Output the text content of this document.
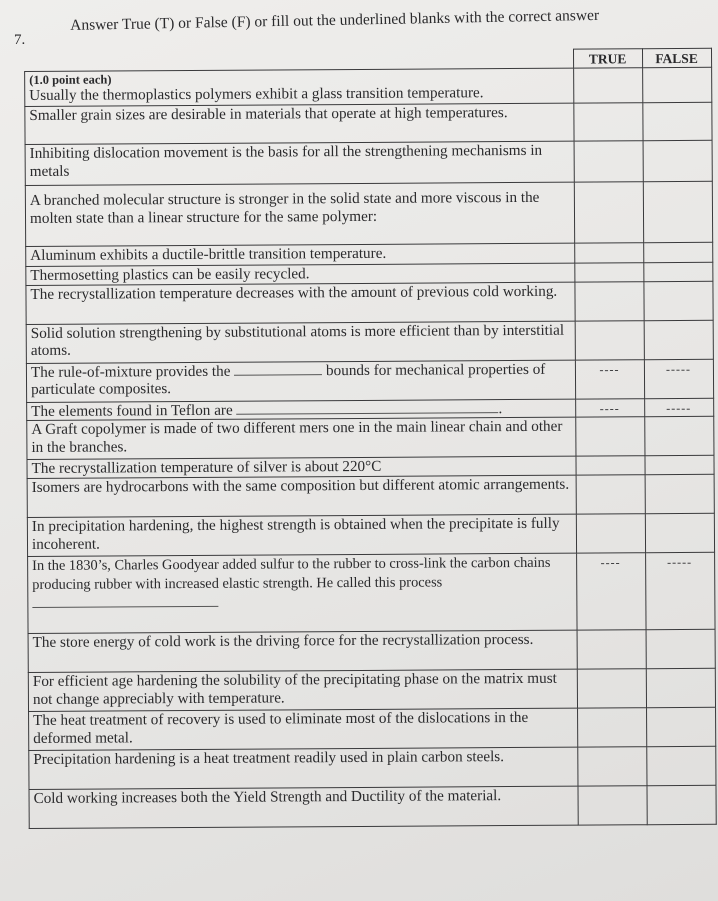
7.
Answer True (T) or False (F) or fill out the underlined blanks with the correct answer
	TRUE	FALSE

(1.0 point each)
Usually the thermoplastics polymers exhibit a glass transition temperature.		
Smaller grain sizes are desirable in materials that operate at high temperatures.		
Inhibiting dislocation movement is the basis for all the strengthening mechanisms in metals		
A branched molecular structure is stronger in the solid state and more viscous in the molten state than a linear structure for the same polymer:		
Aluminum exhibits a ductile-brittle transition temperature.		
Thermosetting plastics can be easily recycled.		
The recrystallization temperature decreases with the amount of previous cold working.		
Solid solution strengthening by substitutional atoms is more efficient than by interstitial atoms.		
The rule-of-mixture provides the bounds for mechanical properties of particulate composites.	----	-----
The elements found in Teflon are .	----	-----
A Graft copolymer is made of two different mers one in the main linear chain and other in the branches.		
The recrystallization temperature of silver is about 220°C		
Isomers are hydrocarbons with the same composition but different atomic arrangements.		
In precipitation hardening, the highest strength is obtained when the precipitate is fully incoherent.		
In the 1830’s, Charles Goodyear added sulfur to the rubber to cross-link the carbon chains producing rubber with increased elastic strength. He called this process	----	-----
The store energy of cold work is the driving force for the recrystallization process.		
For efficient age hardening the solubility of the precipitating phase on the matrix must not change appreciably with temperature.		
The heat treatment of recovery is used to eliminate most of the dislocations in the deformed metal.		
Precipitation hardening is a heat treatment readily used in plain carbon steels.		
Cold working increases both the Yield Strength and Ductility of the material.		
